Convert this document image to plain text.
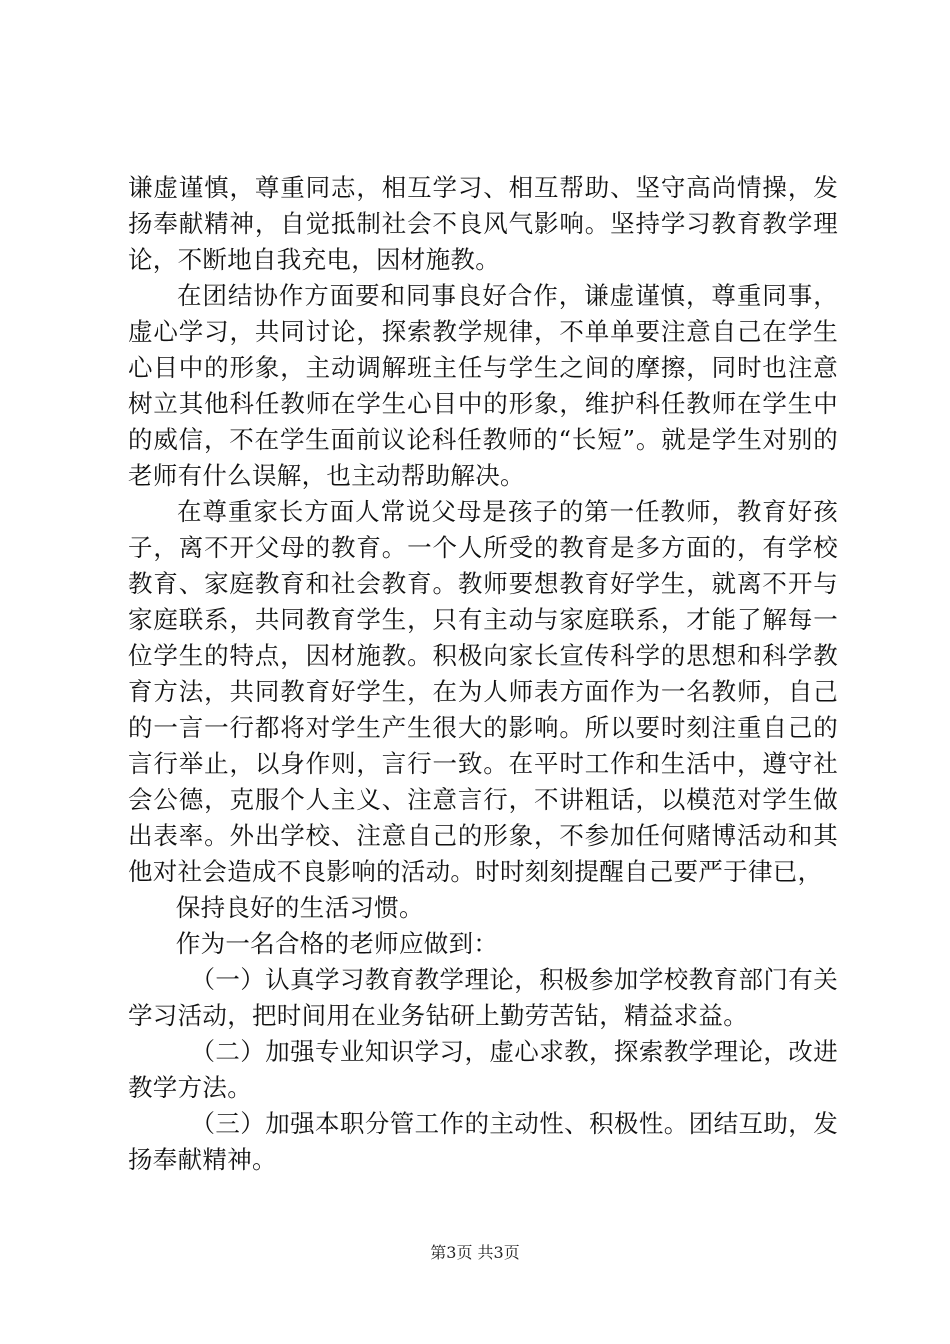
谦虚谨慎，尊重同志，相互学习、相互帮助、坚守高尚情操，发扬奉献精神，自觉抵制社会不良风气影响。坚持学习教育教学理论，不断地自我充电，因材施教。

在团结协作方面要和同事良好合作，谦虚谨慎，尊重同事，虚心学习，共同讨论，探索教学规律，不单单要注意自己在学生心目中的形象，主动调解班主任与学生之间的摩擦，同时也注意树立其他科任教师在学生心目中的形象，维护科任教师在学生中的威信，不在学生面前议论科任教师的“长短”。就是学生对别的老师有什么误解，也主动帮助解决。

在尊重家长方面人常说父母是孩子的第一任教师，教育好孩子，离不开父母的教育。一个人所受的教育是多方面的，有学校教育、家庭教育和社会教育。教师要想教育好学生，就离不开与家庭联系，共同教育学生，只有主动与家庭联系，才能了解每一位学生的特点，因材施教。积极向家长宣传科学的思想和科学教育方法，共同教育好学生，在为人师表方面作为一名教师，自己的一言一行都将对学生产生很大的影响。所以要时刻注重自己的言行举止，以身作则，言行一致。在平时工作和生活中，遵守社会公德，克服个人主义、注意言行，不讲粗话，以模范对学生做出表率。外出学校、注意自己的形象，不参加任何赌博活动和其他对社会造成不良影响的活动。时时刻刻提醒自己要严于律已，

保持良好的生活习惯。

作为一名合格的老师应做到：

（一）认真学习教育教学理论，积极参加学校教育部门有关学习活动，把时间用在业务钻研上勤劳苦钻，精益求益。

（二）加强专业知识学习，虚心求教，探索教学理论，改进教学方法。

（三）加强本职分管工作的主动性、积极性。团结互助，发扬奉献精神。

第3页 共3页
